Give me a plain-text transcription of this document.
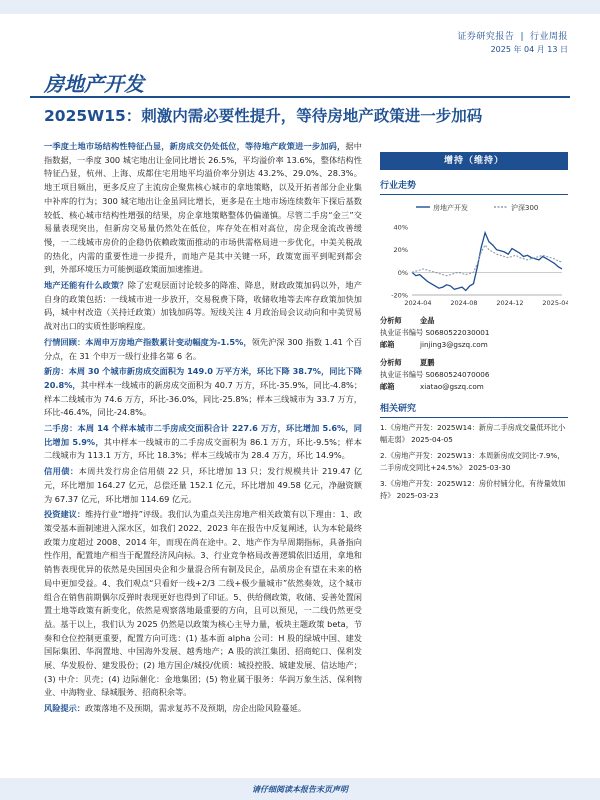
证券研究报告 | 行业周报
2025 年 04 月 13 日
房地产开发
2025W15：刺激内需必要性提升，等待房地产政策进一步加码

一季度土地市场结构性特征凸显，新房成交仍处低位，等待地产政策进一步加码，据中指数据，一季度 300 城宅地出让金同比增长 26.5%，平均溢价率 13.6%，整体结构性特征凸显，杭州、上海、成都住宅用地平均溢价率分别达 43.2%、29.0%、28.3%。地王项目频出，更多反应了主流房企聚焦核心城市的拿地策略，以及开拓者部分企业集中补库的行为；300 城宅地出让金虽同比增长，更多是在土地市场连续数年下探后基数较低、核心城市结构性增强的结果，房企拿地策略整体仍偏谨慎。尽管二手房“金三”交易量表现突出，但新房交易量仍然处在低位，库存处在相对高位，房企现金流改善缓慢，一二线城市房价的企稳仍依赖政策面推动的市场供需格局进一步优化，中美关税战的热化，内需的重要性进一步提升，而地产是其中关键一环，政策宽面平到呢到都会到，外部环境压力可能倒逼政策面加速推进。

地产还能有什么政策？除了宏观层面讨论较多的降准、降息，财政政策加码以外，地产自身的政策包括：一线城市进一步放开，交易税费下降，收储收地等去库存政策加快加码，城中村改造（关持迁政策）加钱加码等。短线关注 4 月政治局会议动向和中美贸易战对出口的实质性影响程度。

行情回顾：本周申万房地产指数累计变动幅度为-1.5%，领先沪深 300 指数 1.41 个百分点，在 31 个申万一级行业排名第 6 名。

新房：本周 30 个城市新房成交面积为 149.0 万平方米，环比下降 38.7%，同比下降 20.8%，其中样本一线城市的新房成交面积为 40.7 万方，环比-35.9%，同比-4.8%；样本二线城市为 74.6 万方，环比-36.0%，同比-25.8%；样本三线城市为 33.7 万方，环比-46.4%，同比-24.8%。

二手房：本周 14 个样本城市二手房成交面积合计 227.6 万方，环比增加 5.6%，同比增加 5.9%，其中样本一线城市的二手房成交面积为 86.1 万方，环比-9.5%；样本二线城市为 113.1 万方，环比 18.3%；样本三线城市为 28.4 万方，环比 14.9%。

信用债：本周共发行房企信用债 22 只，环比增加 13 只；发行规模共计 219.47 亿元，环比增加 164.27 亿元，总偿还量 152.1 亿元，环比增加 49.58 亿元，净融资额为 67.37 亿元，环比增加 114.69 亿元。

投资建议：维持行业“增持”评级。我们认为重点关注房地产相关政策有以下理由：1、政策受基本面制速进入深水区，如我们 2022、2023 年在报告中反复阐述，认为本轮最终政策力度超过 2008、2014 年，而现在尚在途中。2、地产作为早周期指标，具备指向性作用，配置地产相当于配置经济风向标。3、行业竞争格局改善逻辑依旧适用，拿地和销售表现优异的依然是央国国央企和少量混合所有制及民企，品质房企有望在未来的格局中更加受益。4、我们观点“只看好一线+2/3 二线+极少量城市”依然奏效，这个城市组合在销售前期偶尔反弹时表现更好也得到了印证。5、供给侧政策，收储、妥善处置闲置土地等政策有新变化，依然是观察落地最重要的方向，且可以预见，一二线仍然更受益。基于以上，我们认为 2025 仍然是以政策为核心主导力量，板块主题政策 beta，节奏和仓位控制更重要，配置方向可选：(1) 基本面 alpha 公司：H 股的绿城中国、建发国际集团、华润置地、中国海外发展、越秀地产；A 股的滨江集团、招商蛇口、保利发展、华发股份、建发股份；(2) 地方国企/城投/优质：城投控股、城建发展、信达地产；(3) 中介：贝壳；(4) 边际催化：金地集团；(5) 物业属于服务：华润万象生活、保利物业、中海物业、绿城服务、招商积余等。

风险提示：政策落地不及预期，需求复苏不及预期，房企出险风险蔓延。

增持（维持）
行业走势
房地产开发	沪深300
40%
20%
0%
-20%
2024-04	2024-08	2024-12	2025-04
分析师	金晶
执业证书编号
S0680522030001
邮箱	jinjing3@gszq.com
分析师	夏鹏
执业证书编号
S0680524070006
邮箱	xiatao@gszq.com
相关研究
1.《房地产开发：2025W14：新房二手房成交量低环比小幅走弱》 2025-04-05
2.《房地产开发：2025W13：本周新房成交同比-7.9%，二手房成交同比+24.5%》 2025-03-30
3.《房地产开发：2025W12：房价村铺分化，有待量效加持》 2025-03-23
请仔细阅读本报告末页声明
